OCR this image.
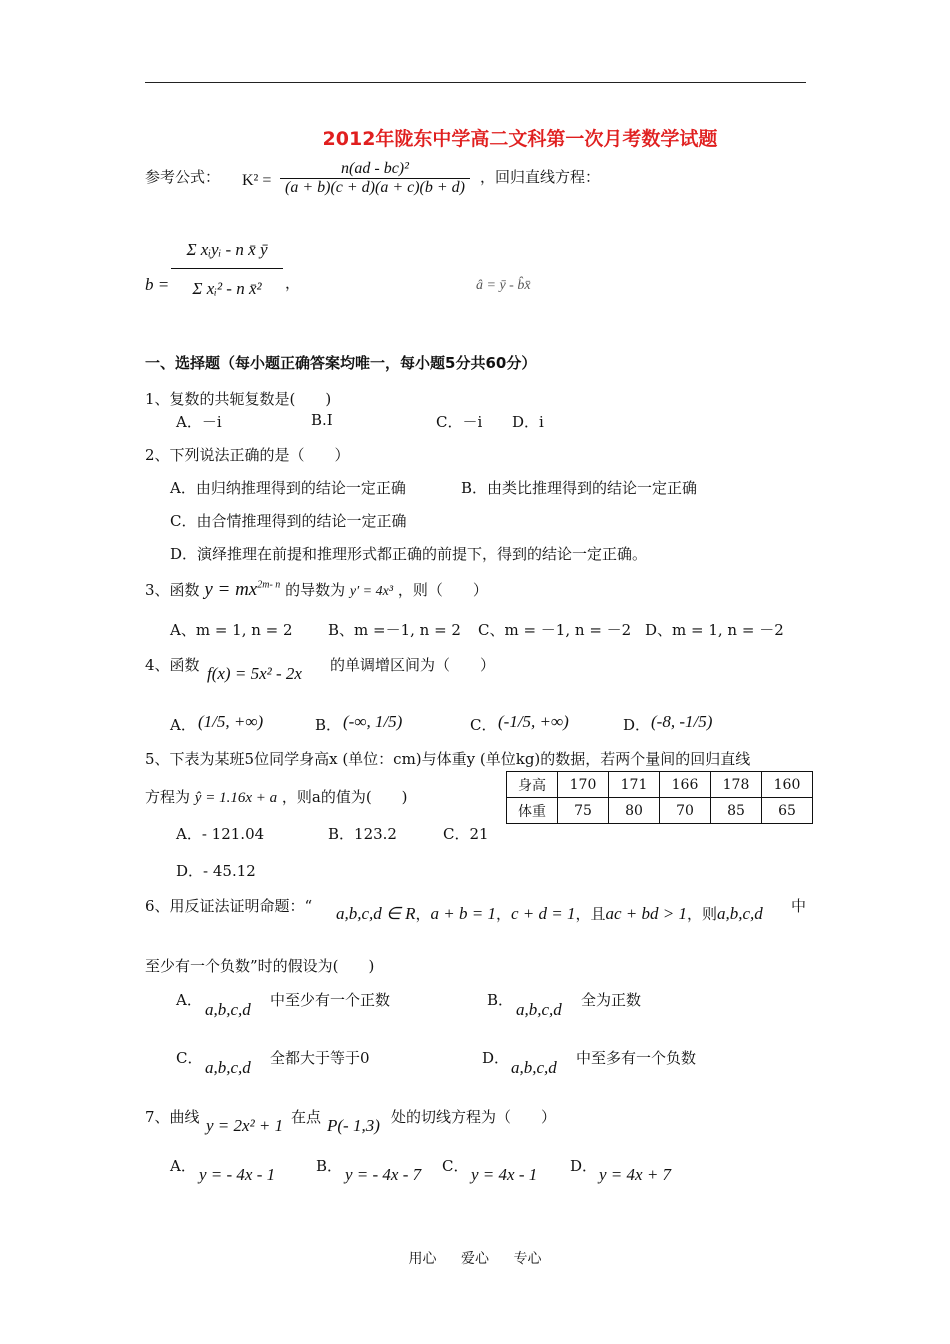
2012年陇东中学高二文科第一次月考数学试题
参考公式： $K^2 = \frac{\text{n(ad - bc)²}}{(a + b)(c + d)(a + c)(b + d)}$ ，回归直线方程：
$b = \frac{\text{Σ xᵢyᵢ - n x̄ ȳ}}{\text{Σ xᵢ² - n x̄²}}$ ，	â = ȳ - b̂x̄
一、选择题（每小题正确答案均唯一，每小题5分共60分）
1、复数的共轭复数是(　　)
A．－i	B.I	C．－i D．i
2、下列说法正确的是（　　）
A．由归纳推理得到的结论一定正确	B．由类比推理得到的结论一定正确
C．由合情推理得到的结论一定正确
D．演绎推理在前提和推理形式都正确的前提下，得到的结论一定正确。
3、函数 $y = mx^{2m- n}$ 的导数为 y′ = 4x³ ，则（　　）
A、m = 1, n = 2 B、m =－1, n = 2 C、m = －1, n = －2 D、m = 1, n = －2
4、函数 f(x) = 5x² - 2x 的单调增区间为（　　）
A． (1/5, +∞)	B． (-∞, 1/5)	C． (-1/5, +∞)	D． (-8, -1/5)
5、下表为某班5位同学身高x (单位：cm)与体重y (单位kg)的数据，若两个量间的回归直线
方程为 ŷ = 1.16x + a ，则a的值为(　　)
身高	170	171	166	178	160
体重	75	80	70	85	65
A．- 121.04	B．123.2	C．21
D．- 45.12
6、用反证法证明命题：“ a,b,c,d ∈ R，a + b = 1，c + d = 1，且ac + bd > 1，则a,b,c,d 中
至少有一个负数”时的假设为(　　)
A． a,b,c,d 中至少有一个正数	B． a,b,c,d 全为正数
C． a,b,c,d 全都大于等于0	D． a,b,c,d 中至多有一个负数
7、曲线 y = 2x² + 1 在点 P(- 1,3) 处的切线方程为（　　）
A． y = - 4x - 1	B． y = - 4x - 7 C． y = 4x - 1 D． y = 4x + 7
用心 爱心 专心
